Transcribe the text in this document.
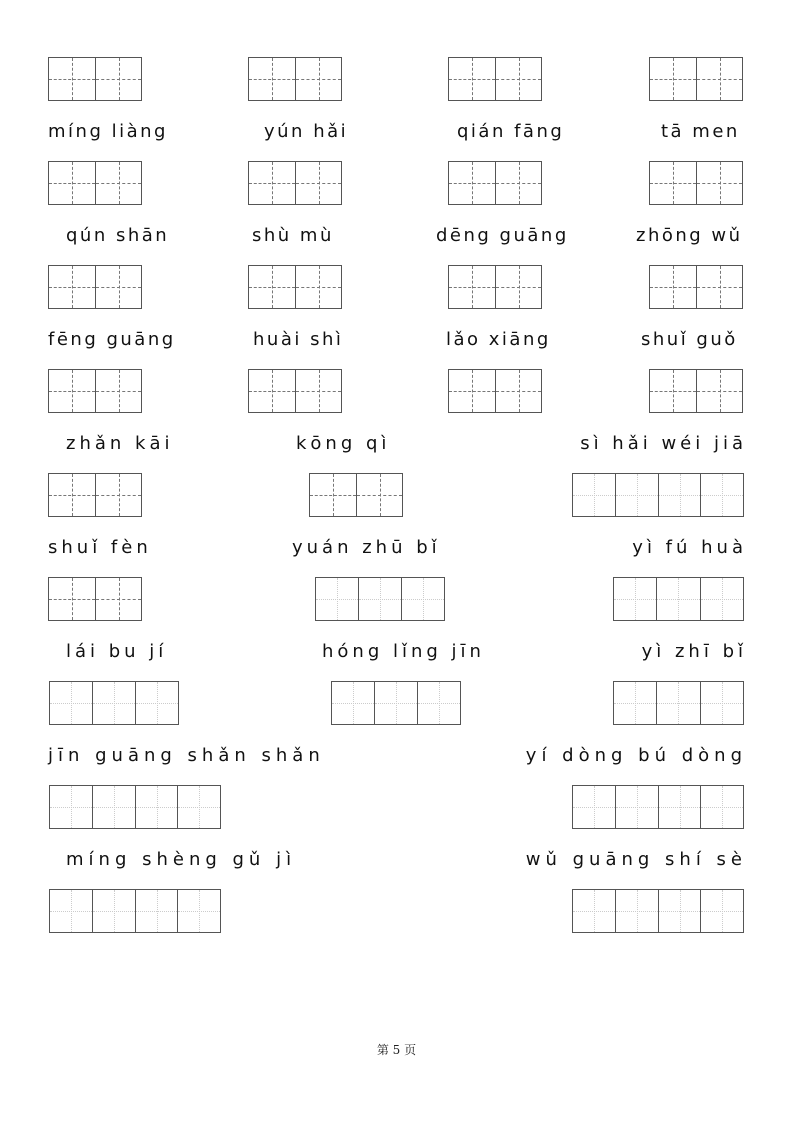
míng liàng	yún hǎi	qián fāng	tā men
qún shān	shù mù	dēng guāng	zhōng wǔ
fēng guāng	huài shì	lǎo xiāng	shuǐ guǒ
zhǎn kāi	kōng qì	sì hǎi wéi jiā
shuǐ fèn	yuán zhū bǐ	yì fú huà
lái bu jí	hóng lǐng jīn	yì zhī bǐ
jīn guāng shǎn shǎn	yí dòng bú dòng
míng shèng gǔ jì	wǔ guāng shí sè
第 5 页
